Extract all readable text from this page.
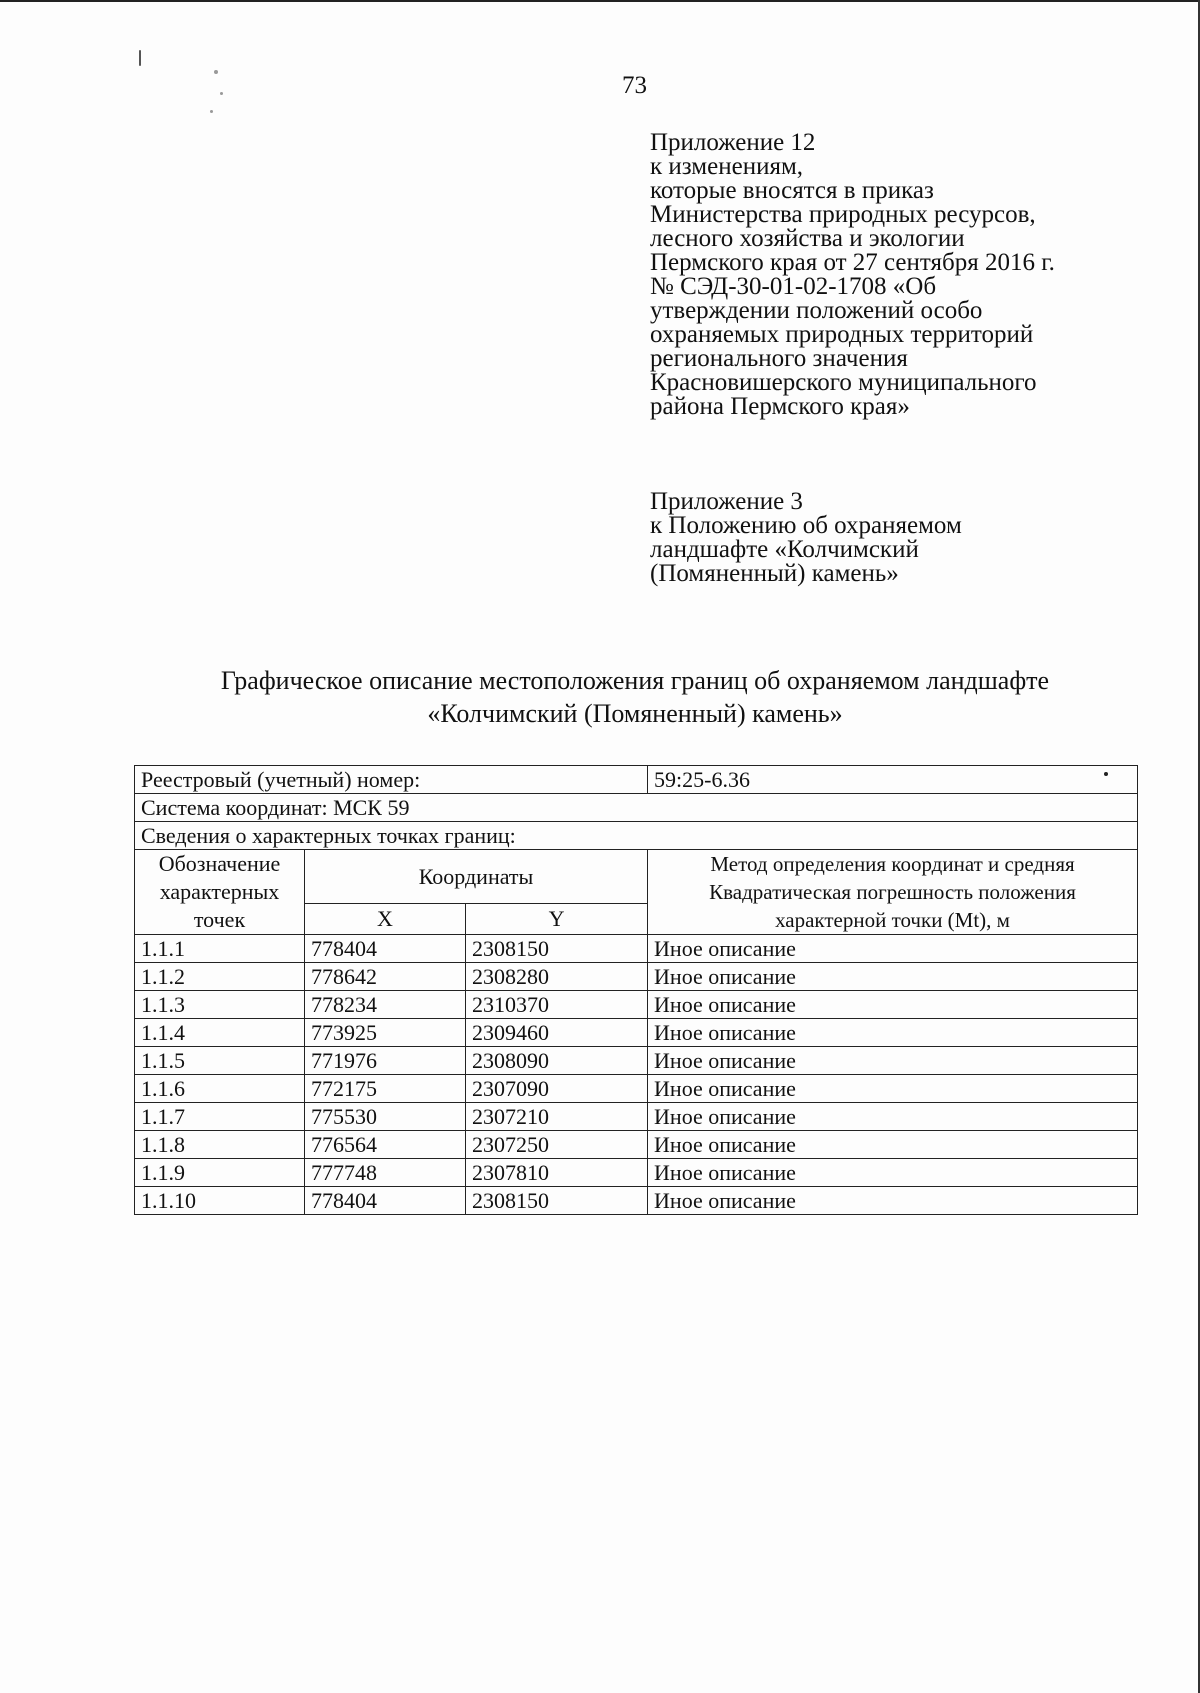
73
Приложение 12
к изменениям,
которые вносятся в приказ
Министерства природных ресурсов,
лесного хозяйства и экологии
Пермского края от 27 сентября 2016 г.
№ СЭД-30-01-02-1708 «Об
утверждении положений особо
охраняемых природных территорий
регионального значения
Красновишерского муниципального
района Пермского края»
Приложение 3
к Положению об охраняемом
ландшафте «Колчимский
(Помяненный) камень»
Графическое описание местоположения границ об охраняемом ландшафте
«Колчимский (Помяненный) камень»
Реестровый (учетный) номер:			59:25-6.36
Система координат: МСК 59			
Сведения о характерных точках границ:			
Обозначение характерных точек	Координаты		Метод определения координат и средняя Квадратическая погрешность положения характерной точки (Mt), м
	X	Y	
1.1.1	778404	2308150	Иное описание
1.1.2	778642	2308280	Иное описание
1.1.3	778234	2310370	Иное описание
1.1.4	773925	2309460	Иное описание
1.1.5	771976	2308090	Иное описание
1.1.6	772175	2307090	Иное описание
1.1.7	775530	2307210	Иное описание
1.1.8	776564	2307250	Иное описание
1.1.9	777748	2307810	Иное описание
1.1.10	778404	2308150	Иное описание
